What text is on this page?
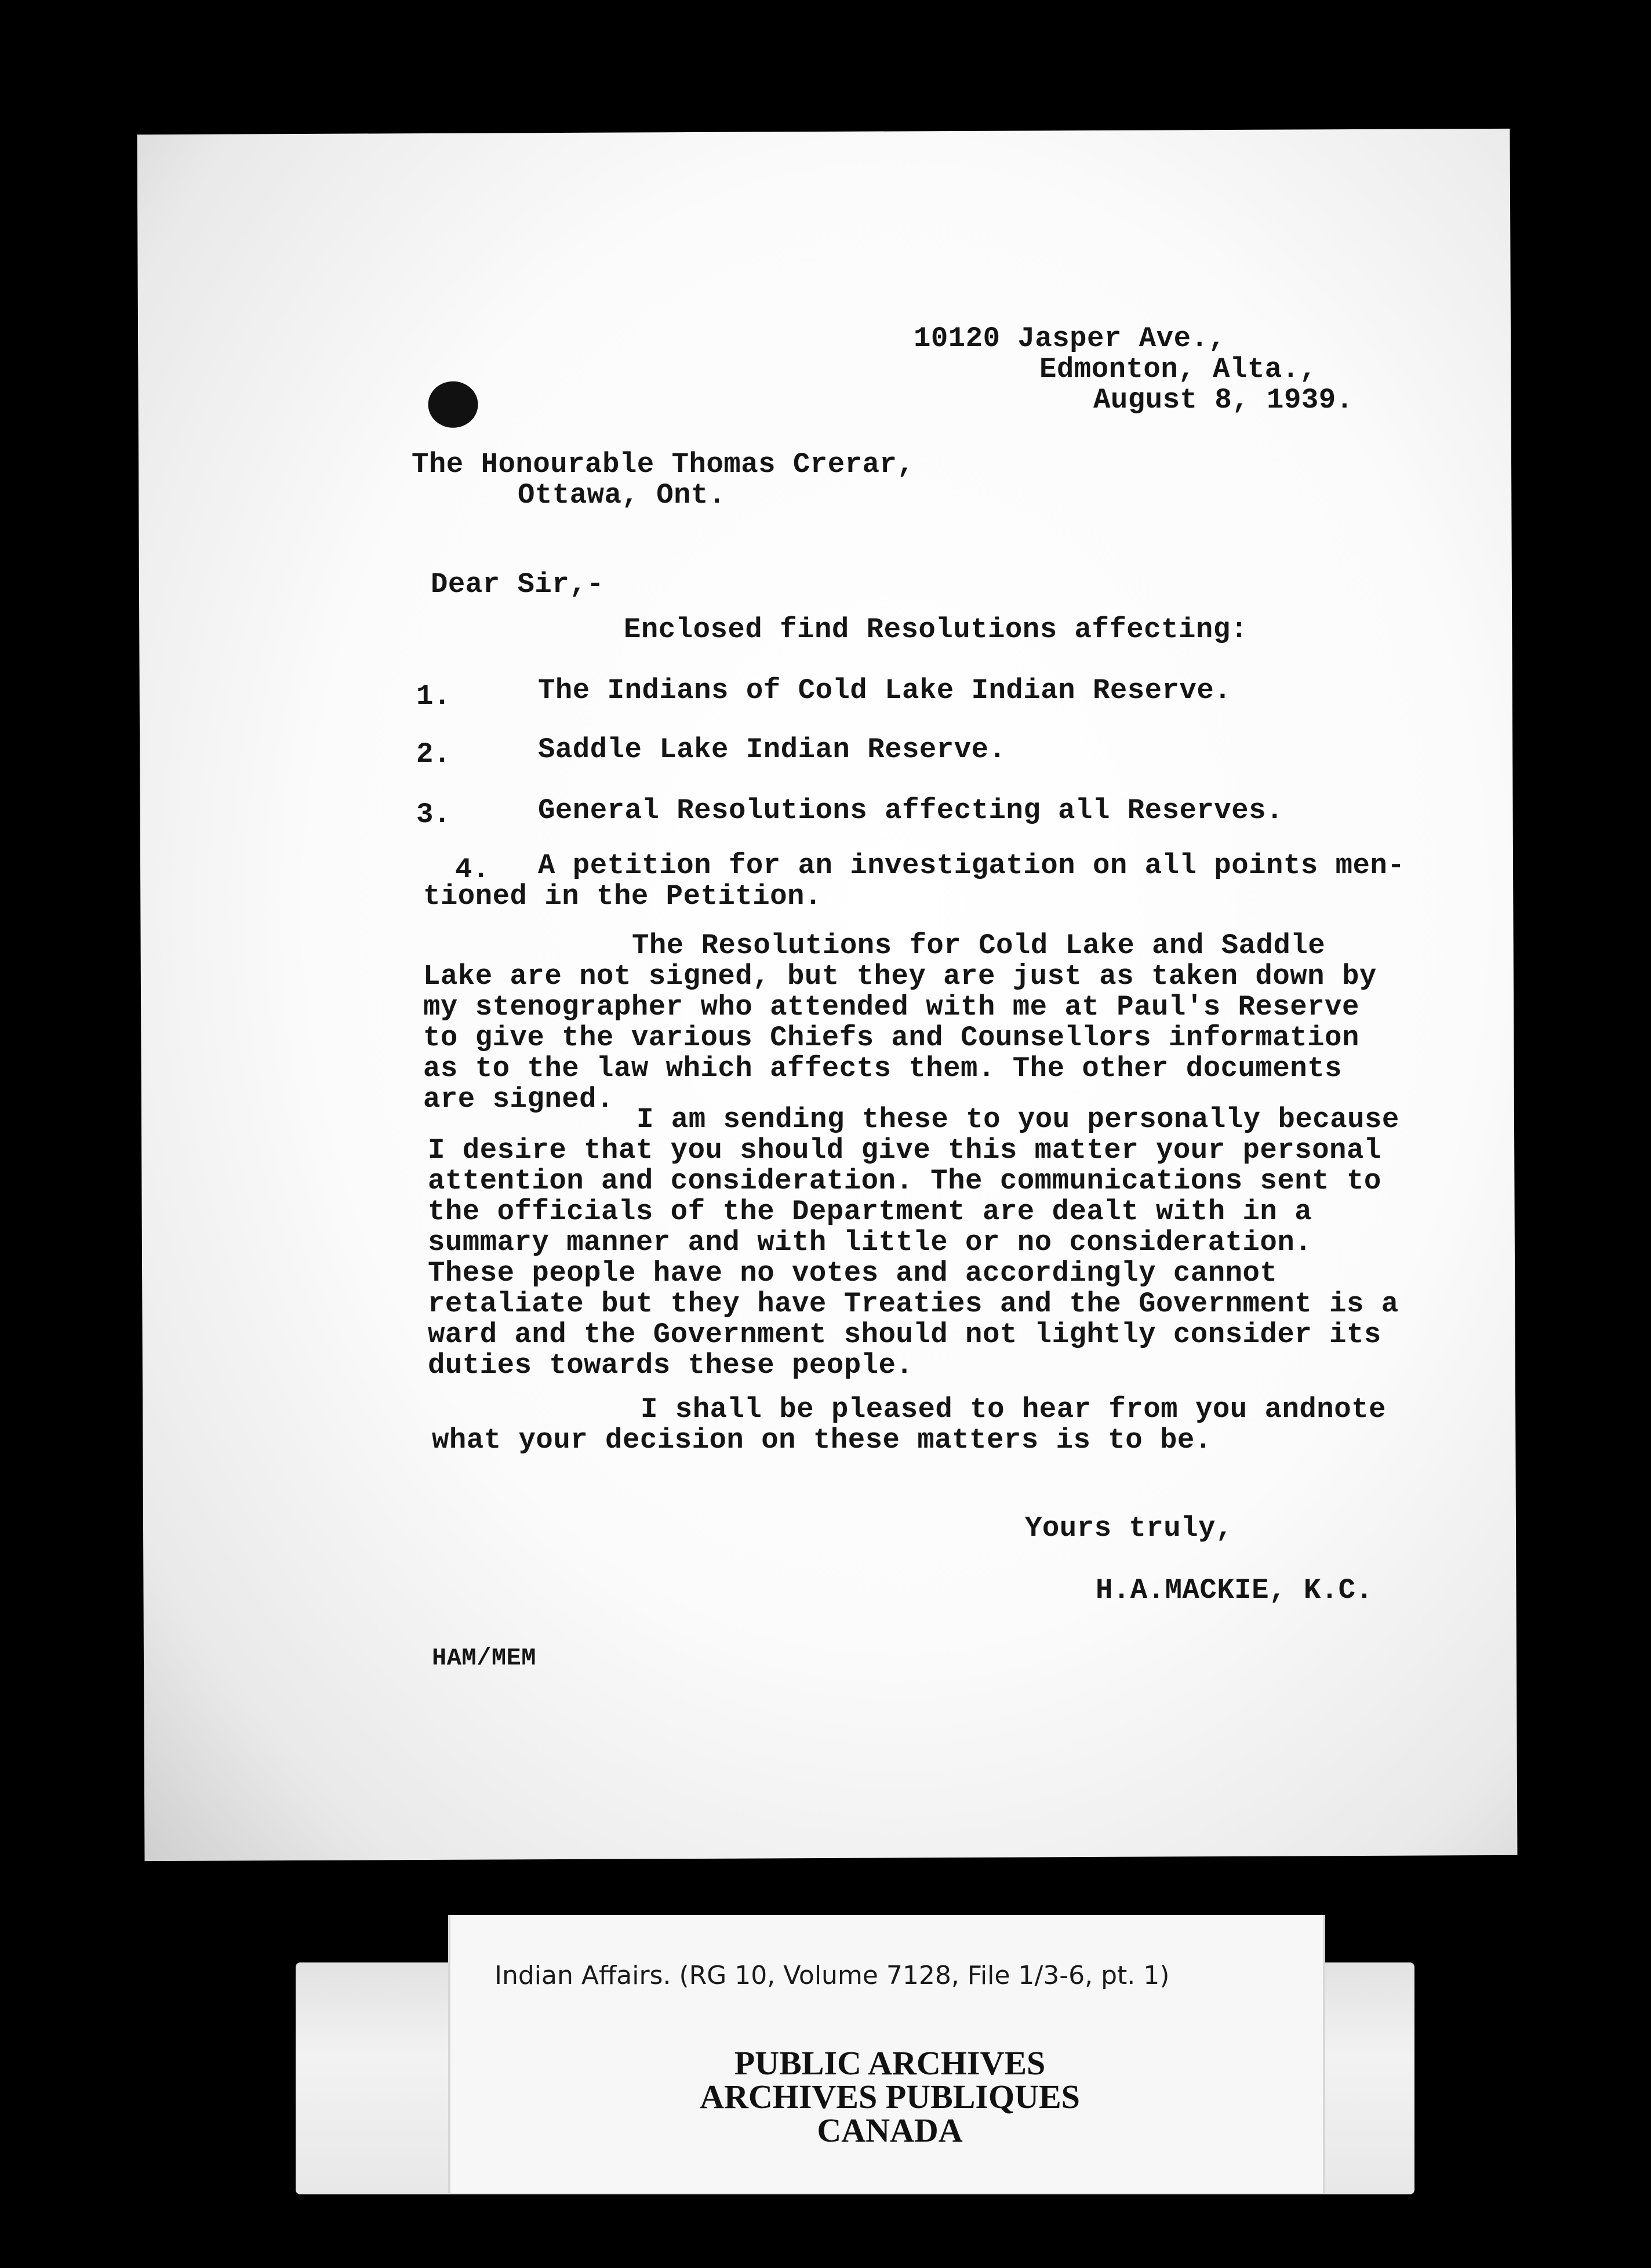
10120 Jasper Ave.,
Edmonton, Alta.,
August 8, 1939.
The Honourable Thomas Crerar,
Ottawa, Ont.
Dear Sir,-
Enclosed find Resolutions affecting:
1.	The Indians of Cold Lake Indian Reserve.
2.	Saddle Lake Indian Reserve.
3.	General Resolutions affecting all Reserves.
4. A petition for an investigation on all points men-
tioned in the Petition.
The Resolutions for Cold Lake and Saddle Lake are not signed, but they are just as taken down by my stenographer who attended with me at Paul's Reserve to give the various Chiefs and Counsellors information as to the law which affects them. The other documents are signed.
I am sending these to you personally because I desire that you should give this matter your personal attention and consideration. The communications sent to the officials of the Department are dealt with in a summary manner and with little or no consideration. These people have no votes and accordingly cannot retaliate but they have Treaties and the Government is a ward and the Government should not lightly consider its duties towards these people.
I shall be pleased to hear from you andnote what your decision on these matters is to be.
Yours truly,
H.A.MACKIE, K.C.
HAM/MEM
Indian Affairs. (RG 10, Volume 7128, File 1/3-6, pt. 1)
PUBLIC ARCHIVES
ARCHIVES PUBLIQUES
CANADA
